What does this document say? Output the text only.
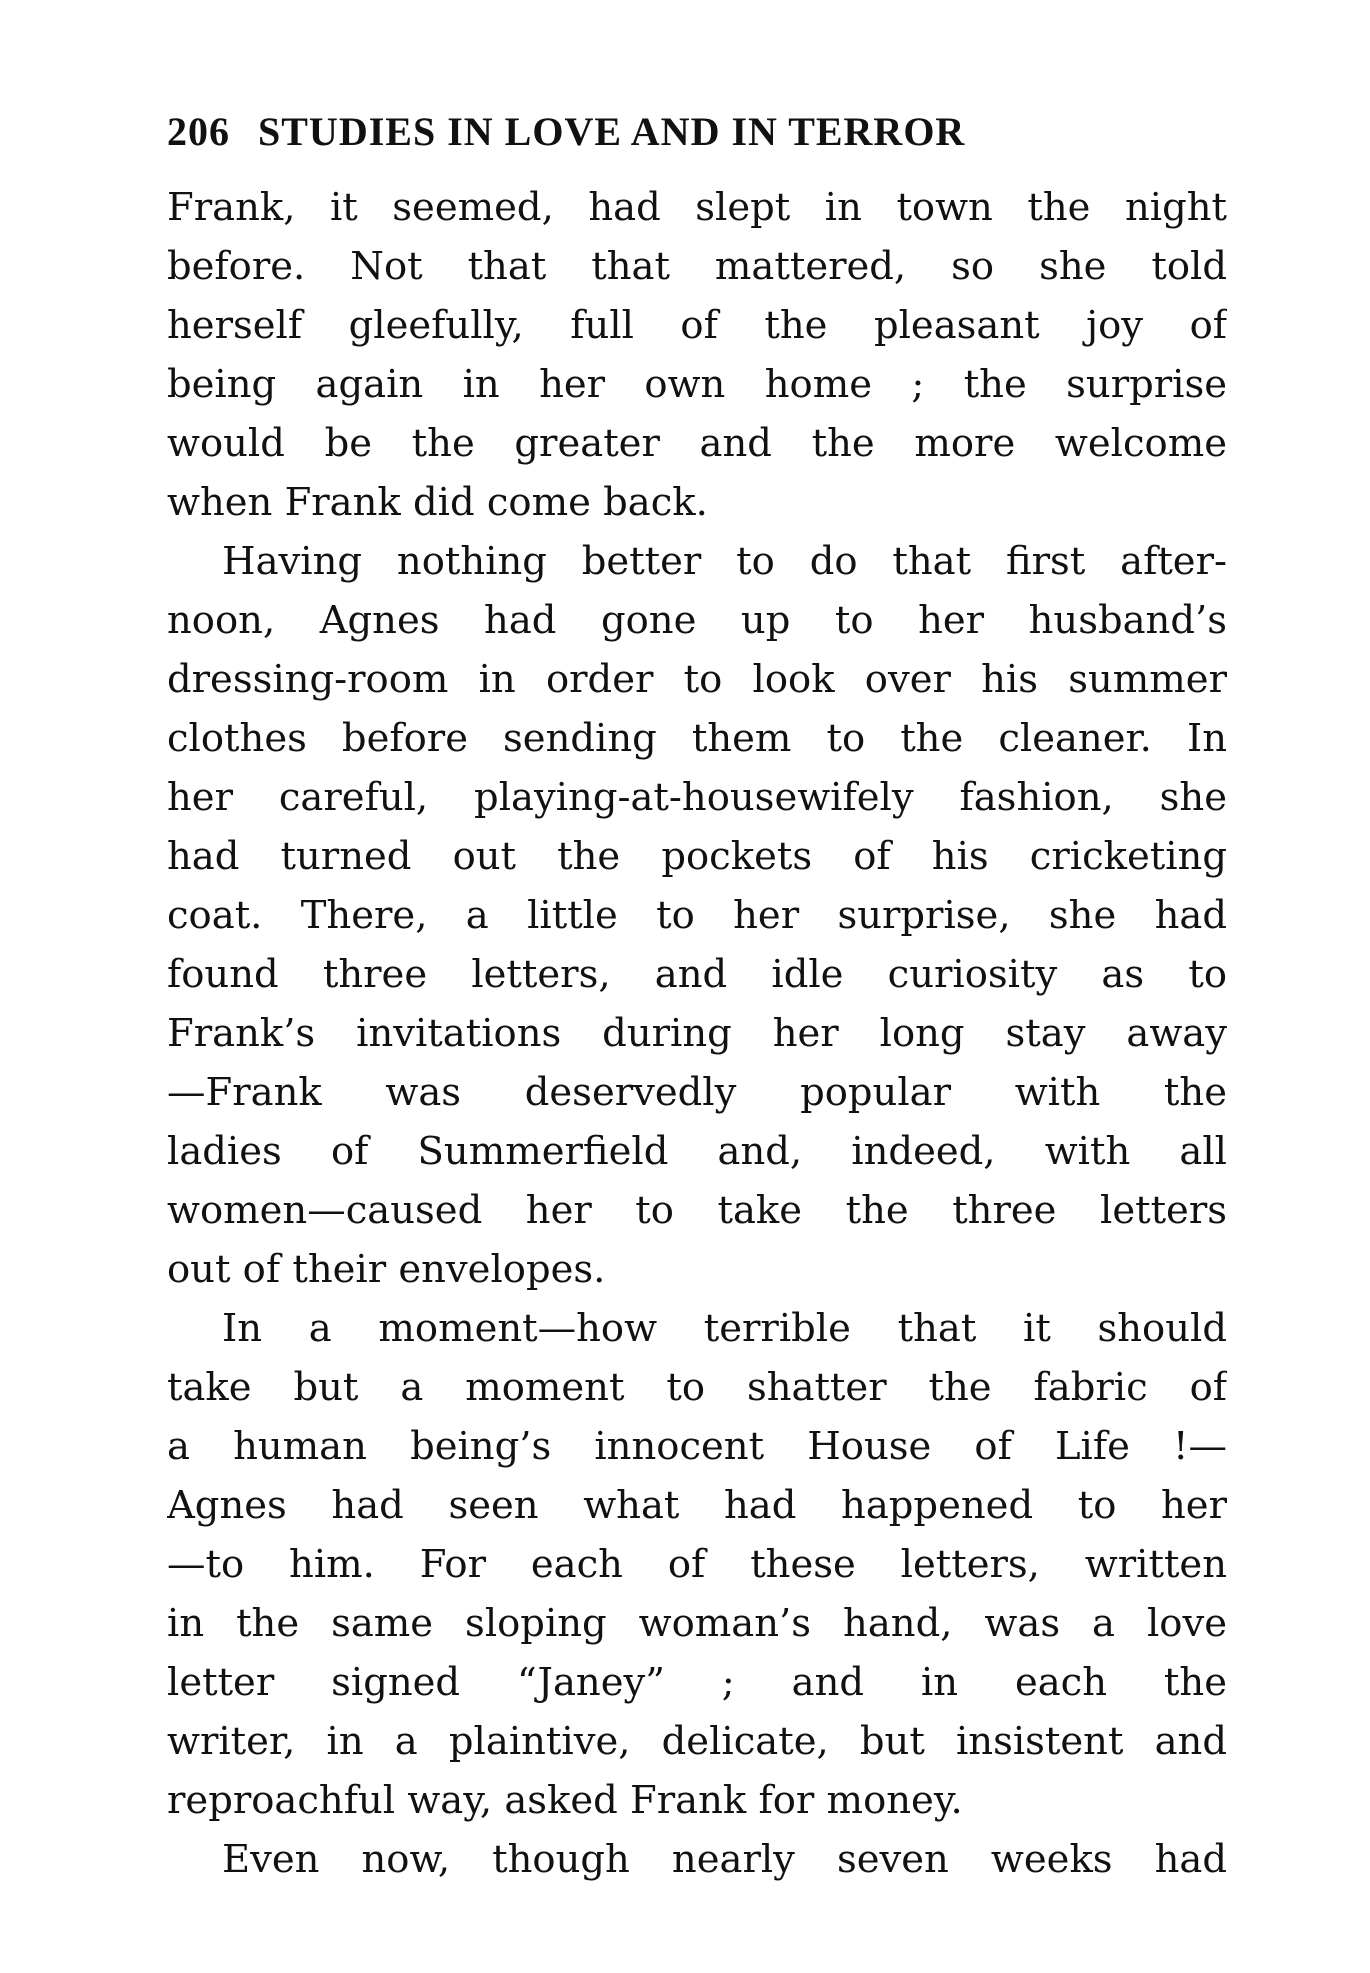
206 STUDIES IN LOVE AND IN TERROR
Frank, it seemed, had slept in town the night
before. Not that that mattered, so she told
herself gleefully, full of the pleasant joy of
being again in her own home ; the surprise
would be the greater and the more welcome
when Frank did come back.
Having nothing better to do that first after-
noon, Agnes had gone up to her husband’s
dressing-room in order to look over his summer
clothes before sending them to the cleaner. In
her careful, playing-at-housewifely fashion, she
had turned out the pockets of his cricketing
coat. There, a little to her surprise, she had
found three letters, and idle curiosity as to
Frank’s invitations during her long stay away
—Frank was deservedly popular with the
ladies of Summerfield and, indeed, with all
women—caused her to take the three letters
out of their envelopes.
In a moment—how terrible that it should
take but a moment to shatter the fabric of
a human being’s innocent House of Life !—
Agnes had seen what had happened to her
—to him. For each of these letters, written
in the same sloping woman’s hand, was a love
letter signed “Janey” ; and in each the
writer, in a plaintive, delicate, but insistent and
reproachful way, asked Frank for money.
Even now, though nearly seven weeks had
